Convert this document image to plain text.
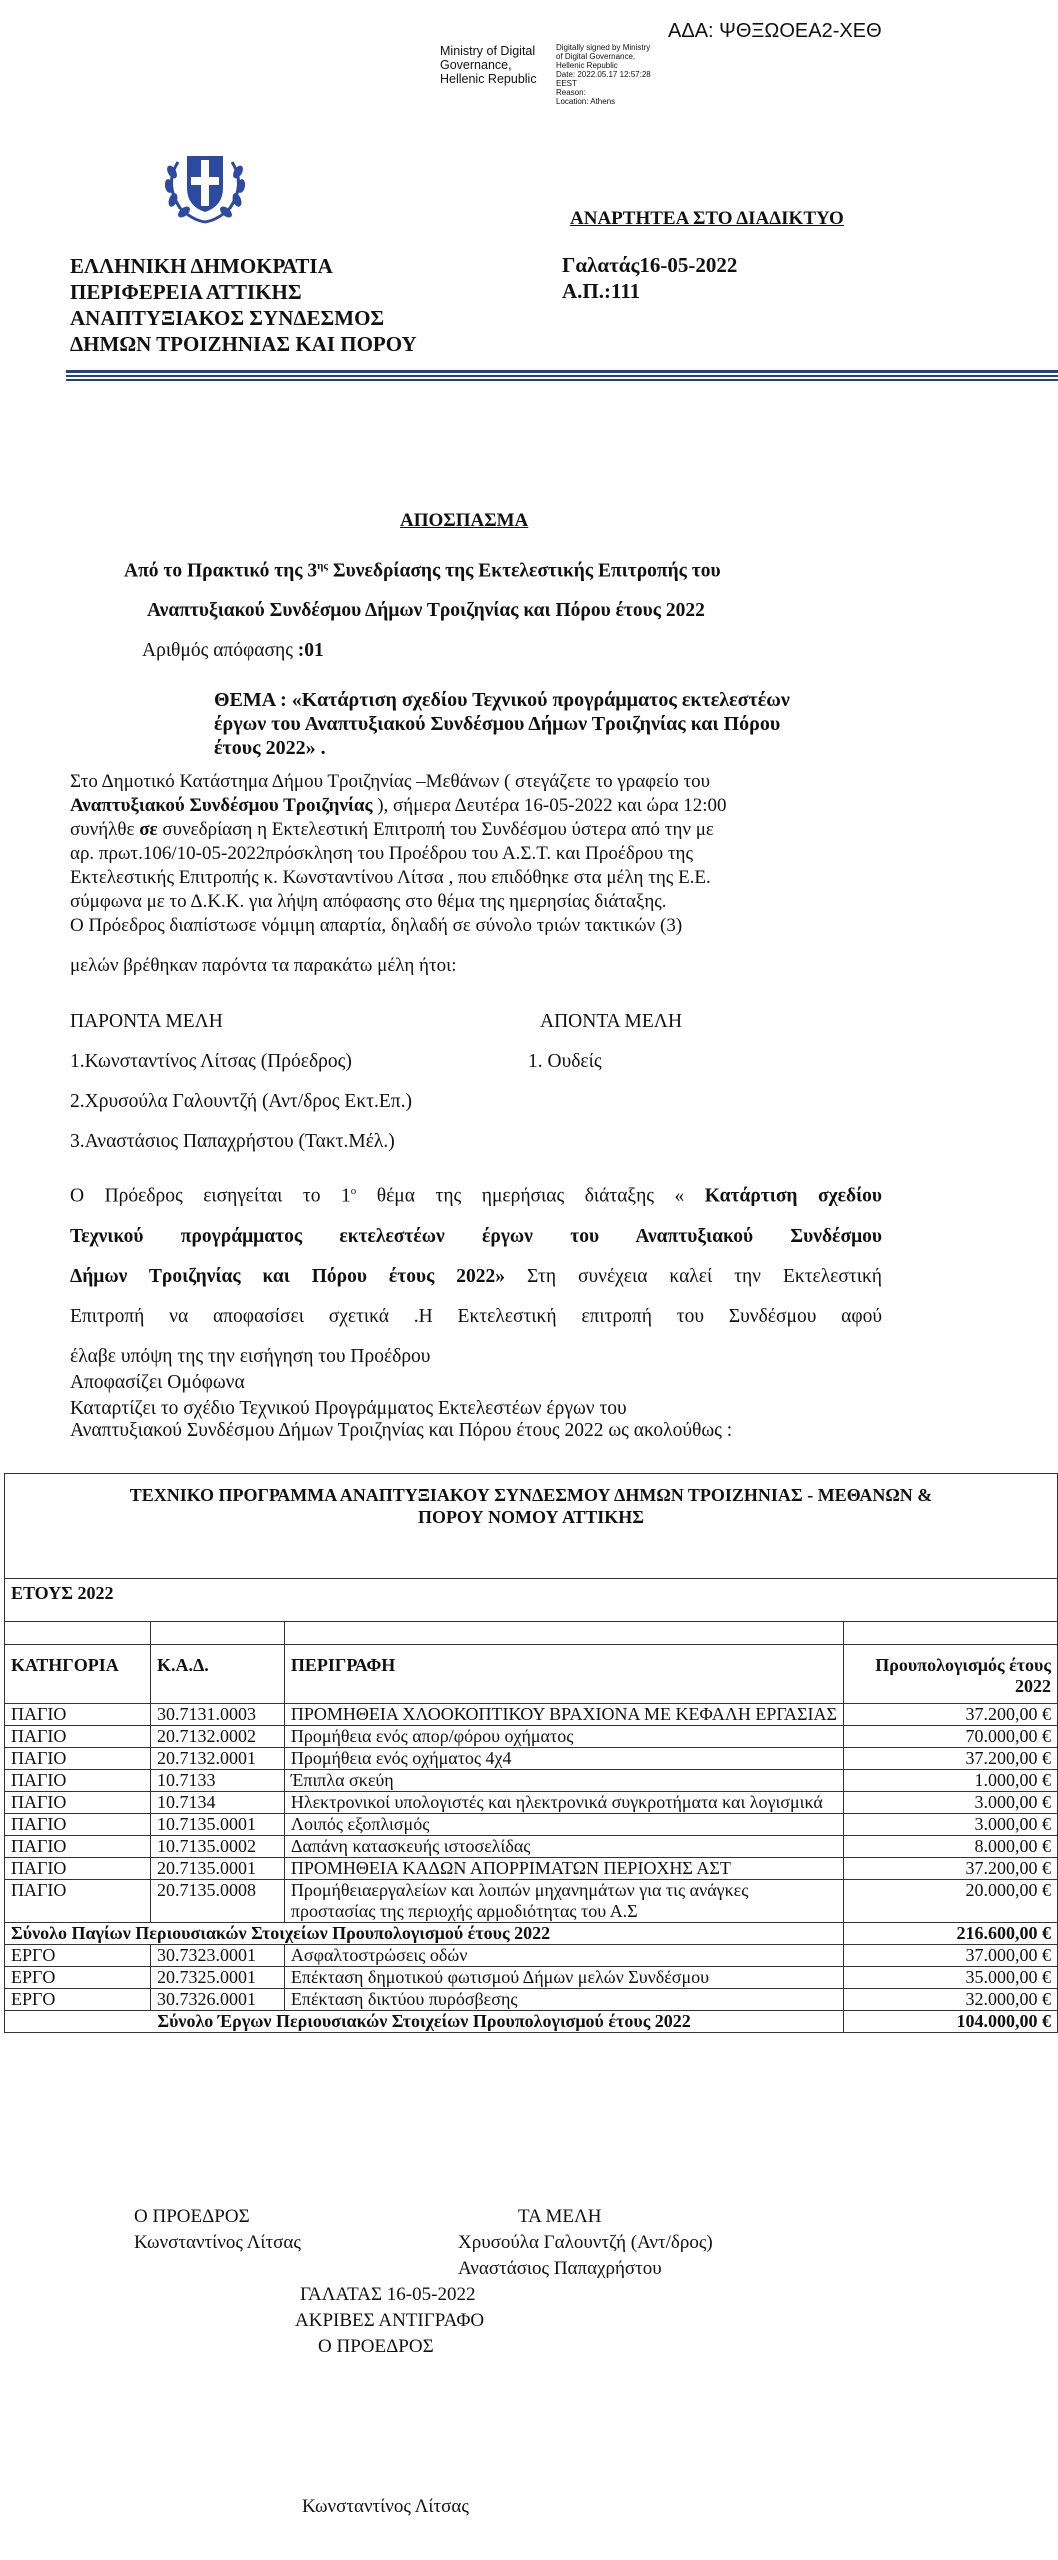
ΑΔΑ: ΨΘΞΩΟΕΑ2-ΧΕΘ
Ministry of Digital
Governance,
Hellenic Republic
Digitally signed by Ministry
of Digital Governance,
Hellenic Republic
Date: 2022.05.17 12:57:28
EEST
Reason:
Location: Athens
ΑΝΑΡΤΗΤΕΑ ΣΤΟ ΔΙΑΔΙΚΤΥΟ
ΕΛΛΗΝΙΚΗ ΔΗΜΟΚΡΑΤΙΑ
ΠΕΡΙΦΕΡΕΙΑ ΑΤΤΙΚΗΣ
ΑΝΑΠΤΥΞΙΑΚΟΣ ΣΥΝΔΕΣΜΟΣ
ΔΗΜΩΝ ΤΡΟΙΖΗΝΙΑΣ ΚΑΙ ΠΟΡΟΥ
Γαλατάς16-05-2022
Α.Π.:111
ΑΠΟΣΠΑΣΜΑ
Από το Πρακτικό της $3^{\eta\varsigma}$ Συνεδρίασης της Εκτελεστικής Επιτροπής του
Αναπτυξιακού Συνδέσμου Δήμων Τροιζηνίας και Πόρου έτους 2022
Αριθμός απόφασης :01
ΘΕΜΑ : «Κατάρτιση σχεδίου Τεχνικού προγράμματος εκτελεστέων
έργων του Αναπτυξιακού Συνδέσμου Δήμων Τροιζηνίας και Πόρου
έτους 2022» .
Στο Δημοτικό Κατάστημα Δήμου Τροιζηνίας –Μεθάνων ( στεγάζετε το γραφείο του
Αναπτυξιακού Συνδέσμου Τροιζηνίας ), σήμερα Δευτέρα 16-05-2022 και ώρα 12:00
συνήλθε σε συνεδρίαση η Εκτελεστική Επιτροπή του Συνδέσμου ύστερα από την με
αρ. πρωτ.106/10-05-2022πρόσκληση του Προέδρου του Α.Σ.Τ. και Προέδρου της
Εκτελεστικής Επιτροπής κ. Κωνσταντίνου Λίτσα , που επιδόθηκε στα μέλη της Ε.Ε.
σύμφωνα με το Δ.Κ.Κ. για λήψη απόφασης στο θέμα της ημερησίας διάταξης.
Ο Πρόεδρος διαπίστωσε νόμιμη απαρτία, δηλαδή σε σύνολο τριών τακτικών (3)
μελών βρέθηκαν παρόντα τα παρακάτω μέλη ήτοι:
ΠΑΡΟΝΤΑ ΜΕΛΗ	ΑΠΟΝΤΑ ΜΕΛΗ
1.Κωνσταντίνος Λίτσας (Πρόεδρος)	1. Ουδείς
2.Χρυσούλα Γαλουντζή (Αντ/δρος Εκτ.Επ.)
3.Αναστάσιος Παπαχρήστου (Τακτ.Μέλ.)
Ο Πρόεδρος εισηγείται το $1^o$ θέμα της ημερήσιας διάταξης « Κατάρτιση σχεδίου
Τεχνικού προγράμματος εκτελεστέων έργων του Αναπτυξιακού Συνδέσμου
Δήμων Τροιζηνίας και Πόρου έτους 2022» Στη συνέχεια καλεί την Εκτελεστική
Επιτροπή να αποφασίσει σχετικά .Η Εκτελεστική επιτροπή του Συνδέσμου αφού
έλαβε υπόψη της την εισήγηση του Προέδρου
Αποφασίζει Ομόφωνα
Καταρτίζει το σχέδιο Τεχνικού Προγράμματος Εκτελεστέων έργων του
Αναπτυξιακού Συνδέσμου Δήμων Τροιζηνίας και Πόρου έτους 2022 ως ακολούθως :
ΤΕΧΝΙΚΟ ΠΡΟΓΡΑΜΜΑ ΑΝΑΠΤΥΞΙΑΚΟΥ ΣΥΝΔΕΣΜΟΥ ΔΗΜΩΝ ΤΡΟΙΖΗΝΙΑΣ - ΜΕΘΑΝΩΝ &
ΠΟΡΟΥ ΝΟΜΟΥ ΑΤΤΙΚΗΣ			

ΕΤΟΥΣ 2022			

ΚΑΤΗΓΟΡΙΑ	Κ.Α.Δ.	ΠΕΡΙΓΡΑΦΗ	Προυπολογισμός έτους 2022
ΠΑΓΙΟ	30.7131.0003	ΠΡΟΜΗΘΕΙΑ ΧΛΟΟΚΟΠΤΙΚΟΥ ΒΡΑΧΙΟΝΑ ΜΕ ΚΕΦΑΛΗ ΕΡΓΑΣΙΑΣ	37.200,00 €
ΠΑΓΙΟ	20.7132.0002	Προμήθεια ενός απορ/φόρου οχήματος	70.000,00 €
ΠΑΓΙΟ	20.7132.0001	Προμήθεια ενός οχήματος 4χ4	37.200,00 €
ΠΑΓΙΟ	10.7133	Έπιπλα σκεύη	1.000,00 €
ΠΑΓΙΟ	10.7134	Ηλεκτρονικοί υπολογιστές και ηλεκτρονικά συγκροτήματα και λογισμικά	3.000,00 €
ΠΑΓΙΟ	10.7135.0001	Λοιπός εξοπλισμός	3.000,00 €
ΠΑΓΙΟ	10.7135.0002	Δαπάνη κατασκευής ιστοσελίδας	8.000,00 €
ΠΑΓΙΟ	20.7135.0001	ΠΡΟΜΗΘΕΙΑ ΚΑΔΩΝ ΑΠΟΡΡΙΜΑΤΩΝ ΠΕΡΙΟΧΗΣ ΑΣΤ	37.200,00 €
ΠΑΓΙΟ	20.7135.0008	Προμήθειαεργαλείων και λοιπών μηχανημάτων για τις ανάγκες προστασίας της περιοχής αρμοδιότητας του Α.Σ	20.000,00 €
Σύνολο Παγίων Περιουσιακών Στοιχείων Προυπολογισμού έτους 2022			216.600,00 €
ΕΡΓΟ	30.7323.0001	Ασφαλτοστρώσεις οδών	37.000,00 €
ΕΡΓΟ	20.7325.0001	Επέκταση δημοτικού φωτισμού Δήμων μελών Συνδέσμου	35.000,00 €
ΕΡΓΟ	30.7326.0001	Επέκταση δικτύου πυρόσβεσης	32.000,00 €
Σύνολο Έργων Περιουσιακών Στοιχείων Προυπολογισμού έτους 2022			104.000,00 €
Ο ΠΡΟΕΔΡΟΣ
Κωνσταντίνος Λίτσας
ΤΑ ΜΕΛΗ
Χρυσούλα Γαλουντζή (Αντ/δρος)
Αναστάσιος Παπαχρήστου
ΓΑΛΑΤΑΣ 16-05-2022
ΑΚΡΙΒΕΣ ΑΝΤΙΓΡΑΦΟ
Ο ΠΡΟΕΔΡΟΣ
Κωνσταντίνος Λίτσας
